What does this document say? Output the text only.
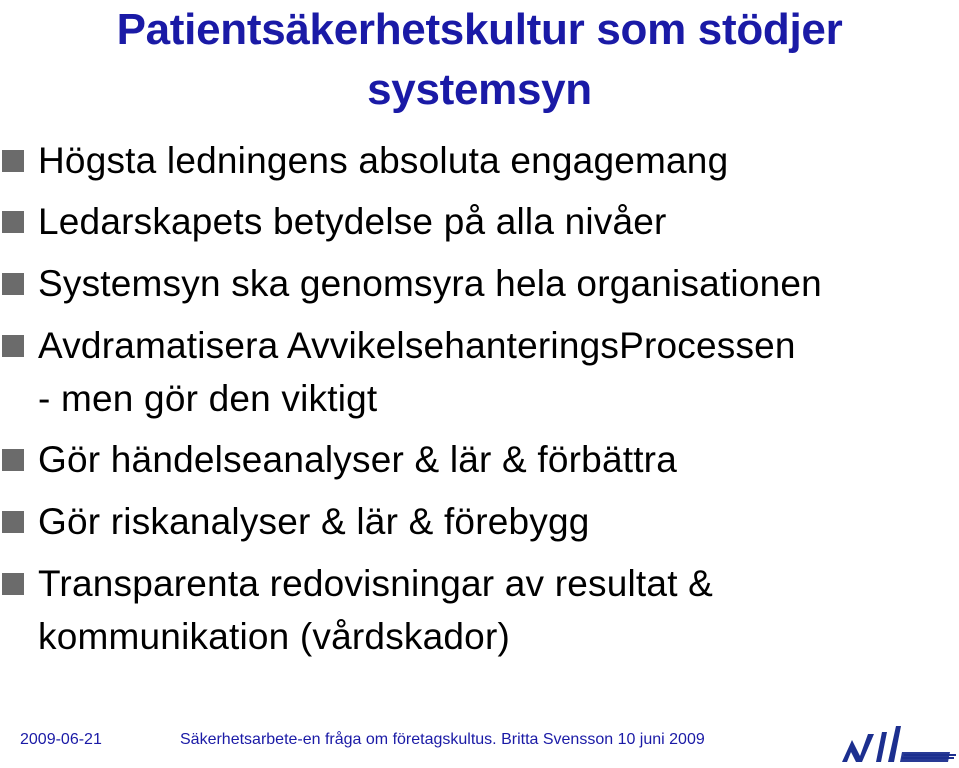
Patientsäkerhetskultur som stödjer
systemsyn
Högsta ledningens absoluta engagemang
Ledarskapets betydelse på alla nivåer
Systemsyn ska genomsyra hela organisationen
Avdramatisera AvvikelsehanteringsProcessen
- men gör den viktigt
Gör händelseanalyser & lär & förbättra
Gör riskanalyser & lär & förebygg
Transparenta redovisningar av resultat &
kommunikation (vårdskador)
2009-06-21	Säkerhetsarbete-en fråga om företagskultus. Britta Svensson 10 juni 2009
